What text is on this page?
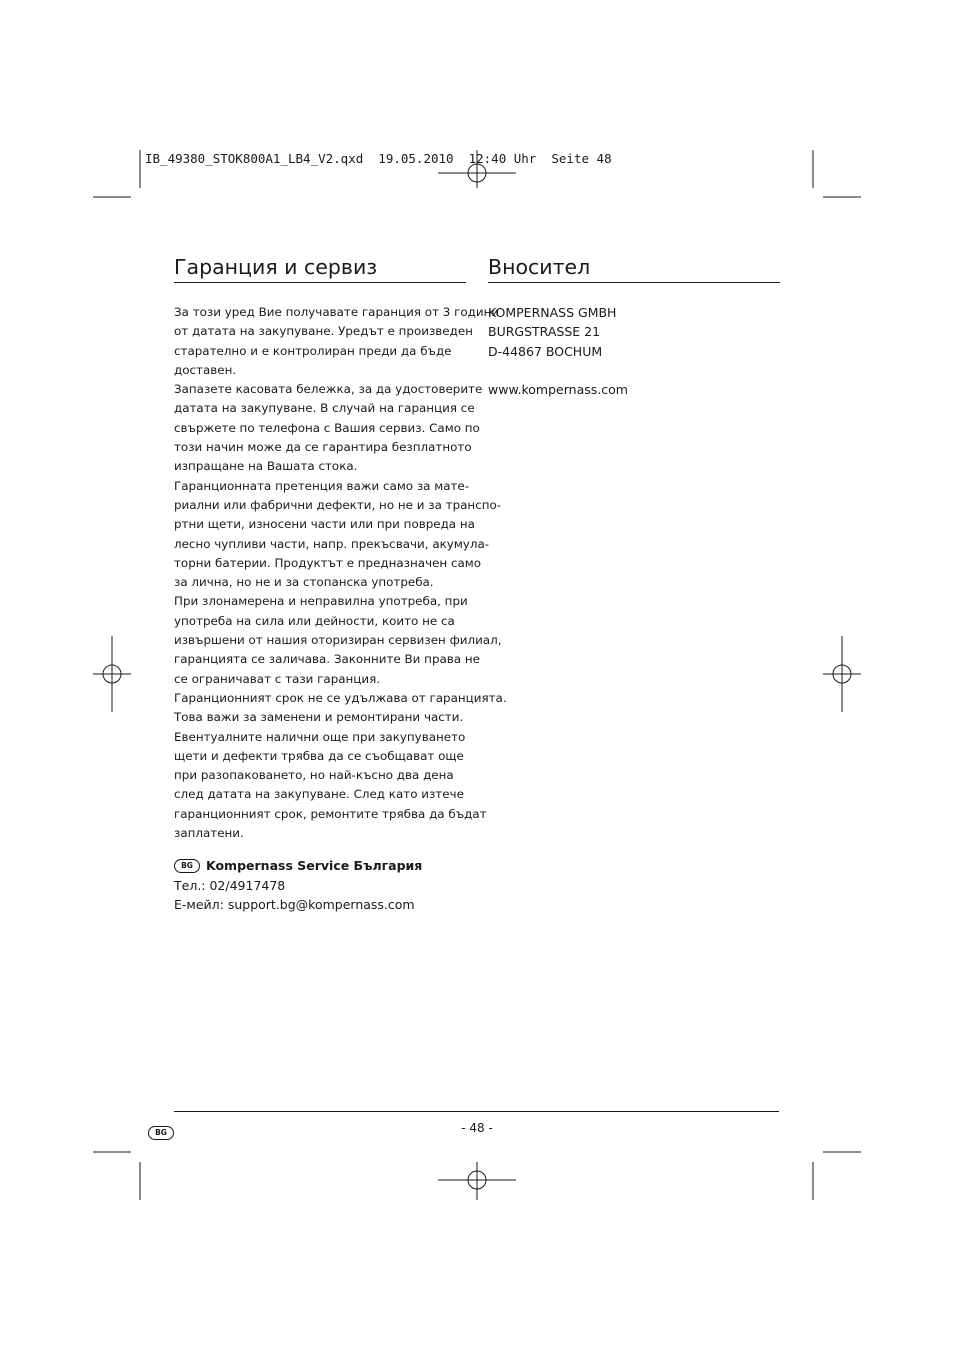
IB_49380_STOK800A1_LB4_V2.qxd  19.05.2010  12:40 Uhr  Seite 48
Гаранция и сервиз

За този уред Вие получавате гаранция от 3 години
от датата на закупуване. Уредът е произведен
старателно и е контролиран преди да бъде
доставен.
Запазете касовата бележка, за да удостоверите
датата на закупуване. В случай на гаранция се
свържете по телефона с Вашия сервиз. Само по
този начин може да се гарантира безплатното
изпращане на Вашата стока.
Гаранционната претенция важи само за мате-
риални или фабрични дефекти, но не и за транспо-
ртни щети, износени части или при повреда на
лесно чупливи части, напр. прекъсвачи, акумула-
торни батерии. Продуктът е предназначен само
за лична, но не и за стопанска употреба.
При злонамерена и неправилна употреба, при
употреба на сила или дейности, които не са
извършени от нашия оторизиран сервизен филиал,
гаранцията се заличава. Законните Ви права не
се ограничават с тази гаранция.
Гаранционният срок не се удължава от гаранцията.
Това важи за заменени и ремонтирани части.
Евентуалните налични още при закупуването
щети и дефекти трябва да се съобщават още
при разопаковането, но най-късно два дена
след датата на закупуване. След като изтече
гаранционният срок, ремонтите трябва да бъдат
заплатени.

BG Kompernass Service България
Тел.: 02/4917478
E-мейл: support.bg@kompernass.com
Вносител
KOMPERNASS GMBH
BURGSTRASSE 21
D-44867 BOCHUM
www.kompernass.com
BG	- 48 -
